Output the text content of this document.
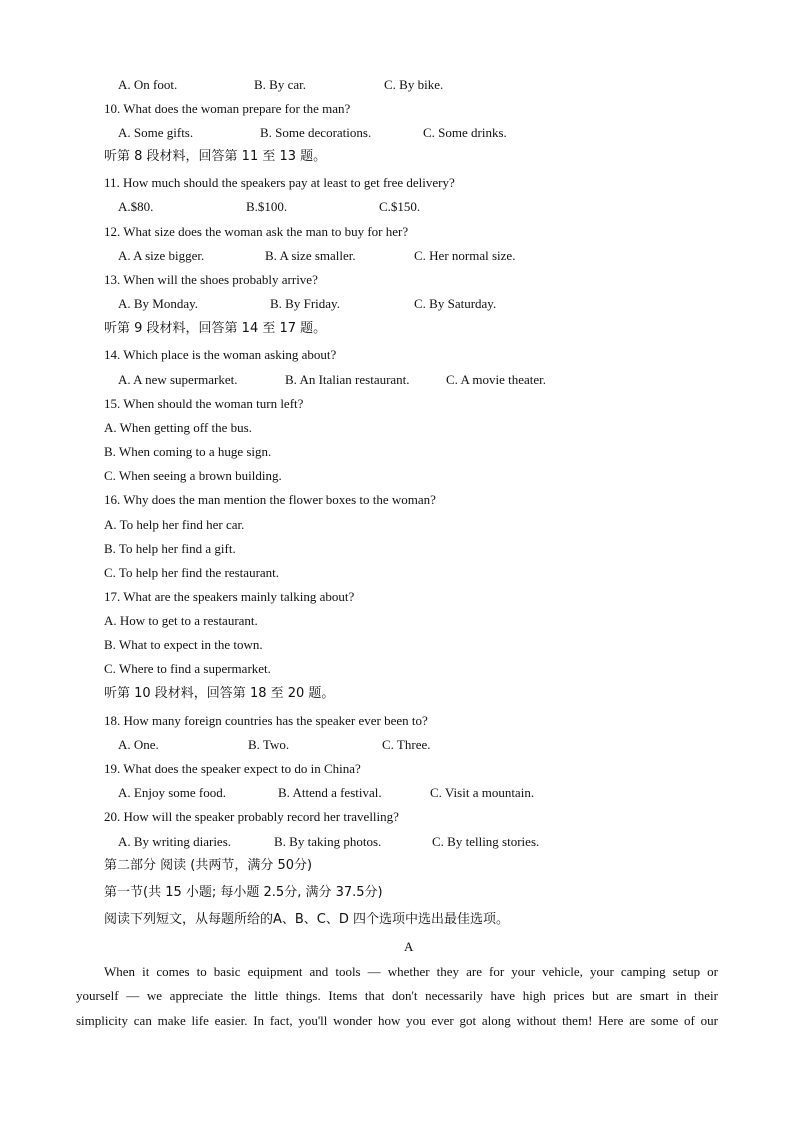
A. On foot.	B. By car.	C. By bike.
10. What does the woman prepare for the man?
A. Some gifts.	B. Some decorations.	C. Some drinks.
听第 8 段材料，回答第 11 至 13 题。
11. How much should the speakers pay at least to get free delivery?
A.$80.	B.$100.	C.$150.
12. What size does the woman ask the man to buy for her?
A. A size bigger.	B. A size smaller.	C. Her normal size.
13. When will the shoes probably arrive?
A. By Monday.	B. By Friday.	C. By Saturday.
听第 9 段材料，回答第 14 至 17 题。
14. Which place is the woman asking about?
A. A new supermarket.	B. An Italian restaurant.	C. A movie theater.
15. When should the woman turn left?
A. When getting off the bus.
B. When coming to a huge sign.
C. When seeing a brown building.
16. Why does the man mention the flower boxes to the woman?
A. To help her find her car.
B. To help her find a gift.
C. To help her find the restaurant.
17. What are the speakers mainly talking about?
A. How to get to a restaurant.
B. What to expect in the town.
C. Where to find a supermarket.
听第 10 段材料，回答第 18 至 20 题。
18. How many foreign countries has the speaker ever been to?
A. One.	B. Two.	C. Three.
19. What does the speaker expect to do in China?
A. Enjoy some food.	B. Attend a festival.	C. Visit a mountain.
20. How will the speaker probably record her travelling?
A. By writing diaries.	B. By taking photos.	C. By telling stories.
第二部分 阅读 (共两节，满分 50分)
第一节(共 15 小题; 每小题 2.5分, 满分 37.5分)
阅读下列短文，从每题所给的A、B、C、D 四个选项中选出最佳选项。
A
When it comes to basic equipment and tools — whether they are for your vehicle, your camping setup or
yourself — we appreciate the little things. Items that don't necessarily have high prices but are smart in their
simplicity can make life easier. In fact, you'll wonder how you ever got along without them! Here are some of our
